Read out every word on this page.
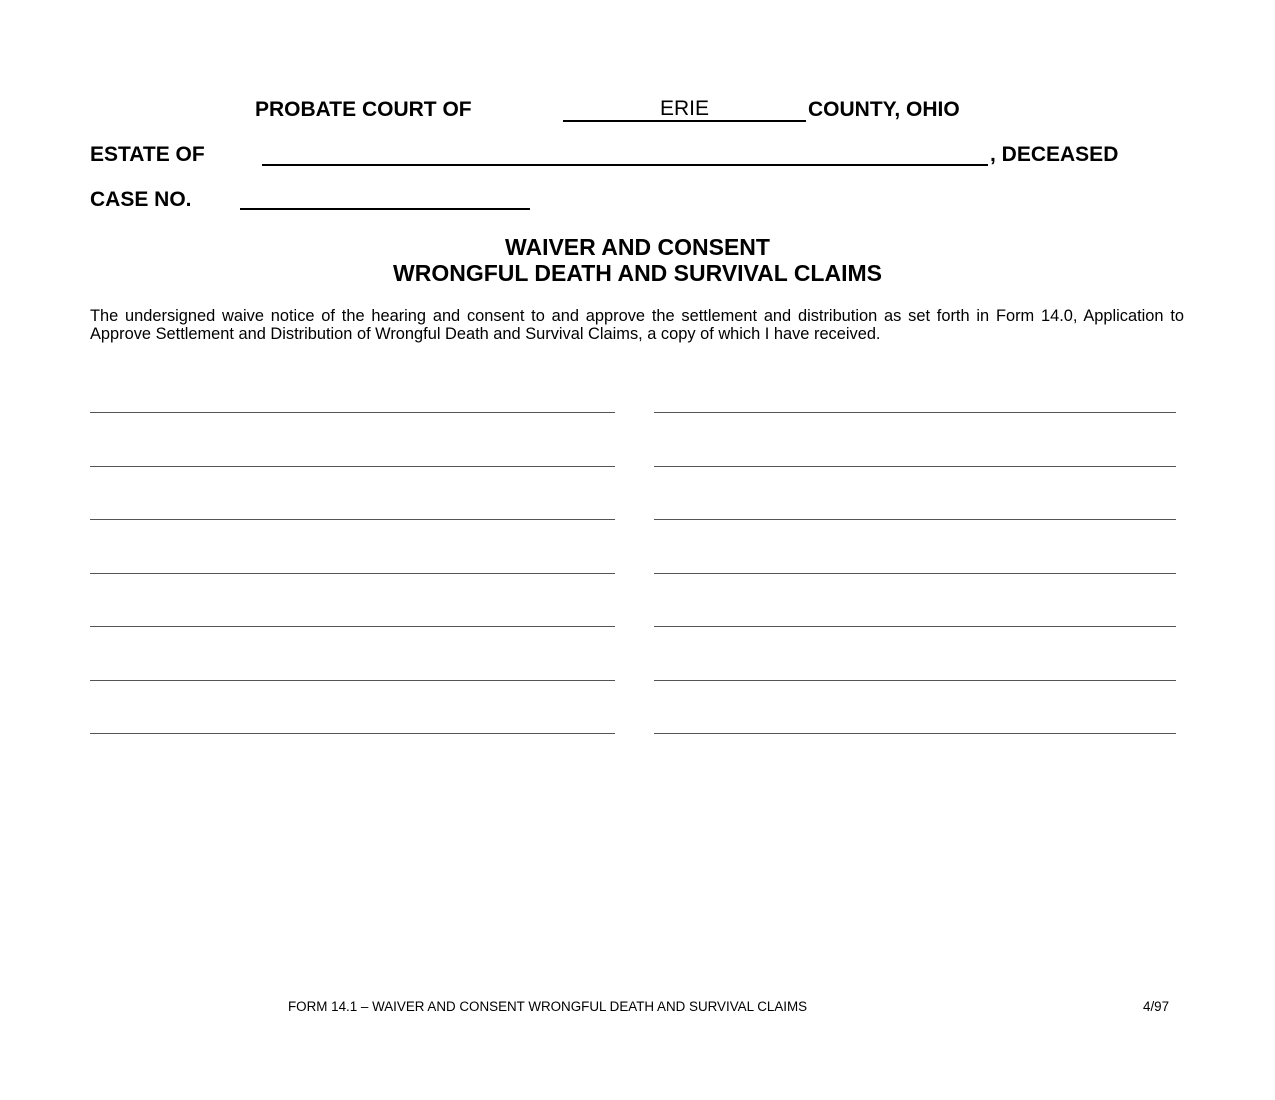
PROBATE COURT OF	ERIE	COUNTY, OHIO
ESTATE OF	, DECEASED
CASE NO.
WAIVER AND CONSENT
WRONGFUL DEATH AND SURVIVAL CLAIMS
The undersigned waive notice of the hearing and consent to and approve the settlement and distribution as set forth in Form 14.0, Application to Approve Settlement and Distribution of Wrongful Death and Survival Claims, a copy of which I have received.
FORM 14.1 – WAIVER AND CONSENT WRONGFUL DEATH AND SURVIVAL CLAIMS	4/97
